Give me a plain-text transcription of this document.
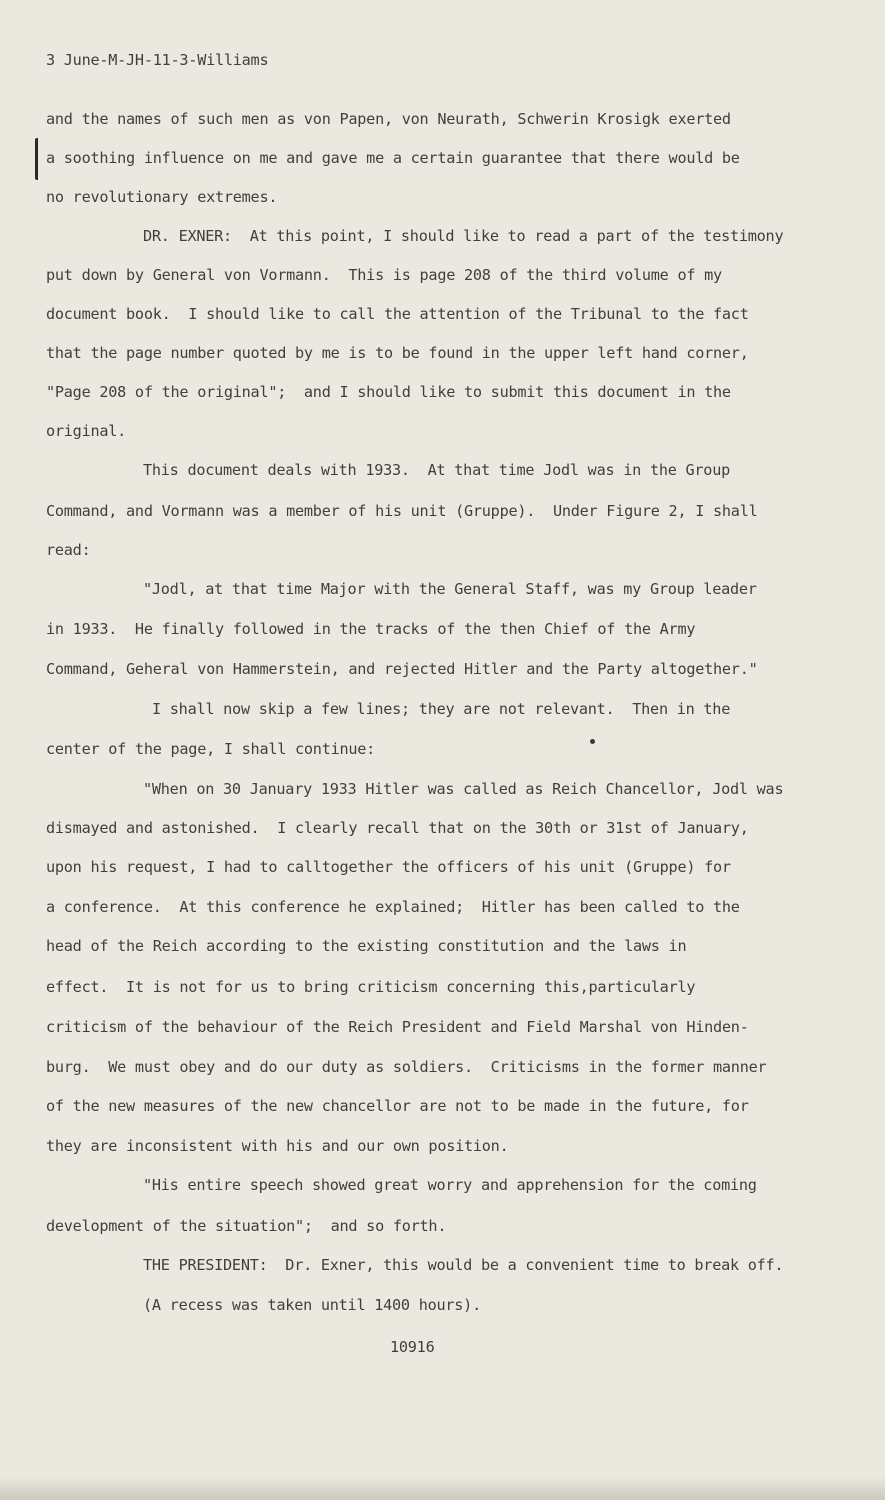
3 June-M-JH-11-3-Williams
and the names of such men as von Papen, von Neurath, Schwerin Krosigk exerted
a soothing influence on me and gave me a certain guarantee that there would be
no revolutionary extremes.
DR. EXNER:  At this point, I should like to read a part of the testimony
put down by General von Vormann.  This is page 208 of the third volume of my
document book.  I should like to call the attention of the Tribunal to the fact
that the page number quoted by me is to be found in the upper left hand corner,
"Page 208 of the original";  and I should like to submit this document in the
original.
This document deals with 1933.  At that time Jodl was in the Group
Command, and Vormann was a member of his unit (Gruppe).  Under Figure 2, I shall
read:
"Jodl, at that time Major with the General Staff, was my Group leader
in 1933.  He finally followed in the tracks of the then Chief of the Army
Command, Geheral von Hammerstein, and rejected Hitler and the Party altogether."
I shall now skip a few lines; they are not relevant.  Then in the
center of the page, I shall continue:
"When on 30 January 1933 Hitler was called as Reich Chancellor, Jodl was
dismayed and astonished.  I clearly recall that on the 30th or 31st of January,
upon his request, I had to calltogether the officers of his unit (Gruppe) for
a conference.  At this conference he explained;  Hitler has been called to the
head of the Reich according to the existing constitution and the laws in
effect.  It is not for us to bring criticism concerning this,particularly
criticism of the behaviour of the Reich President and Field Marshal von Hinden-
burg.  We must obey and do our duty as soldiers.  Criticisms in the former manner
of the new measures of the new chancellor are not to be made in the future, for
they are inconsistent with his and our own position.
"His entire speech showed great worry and apprehension for the coming
development of the situation";  and so forth.
THE PRESIDENT:  Dr. Exner, this would be a convenient time to break off.
(A recess was taken until 1400 hours).
10916
